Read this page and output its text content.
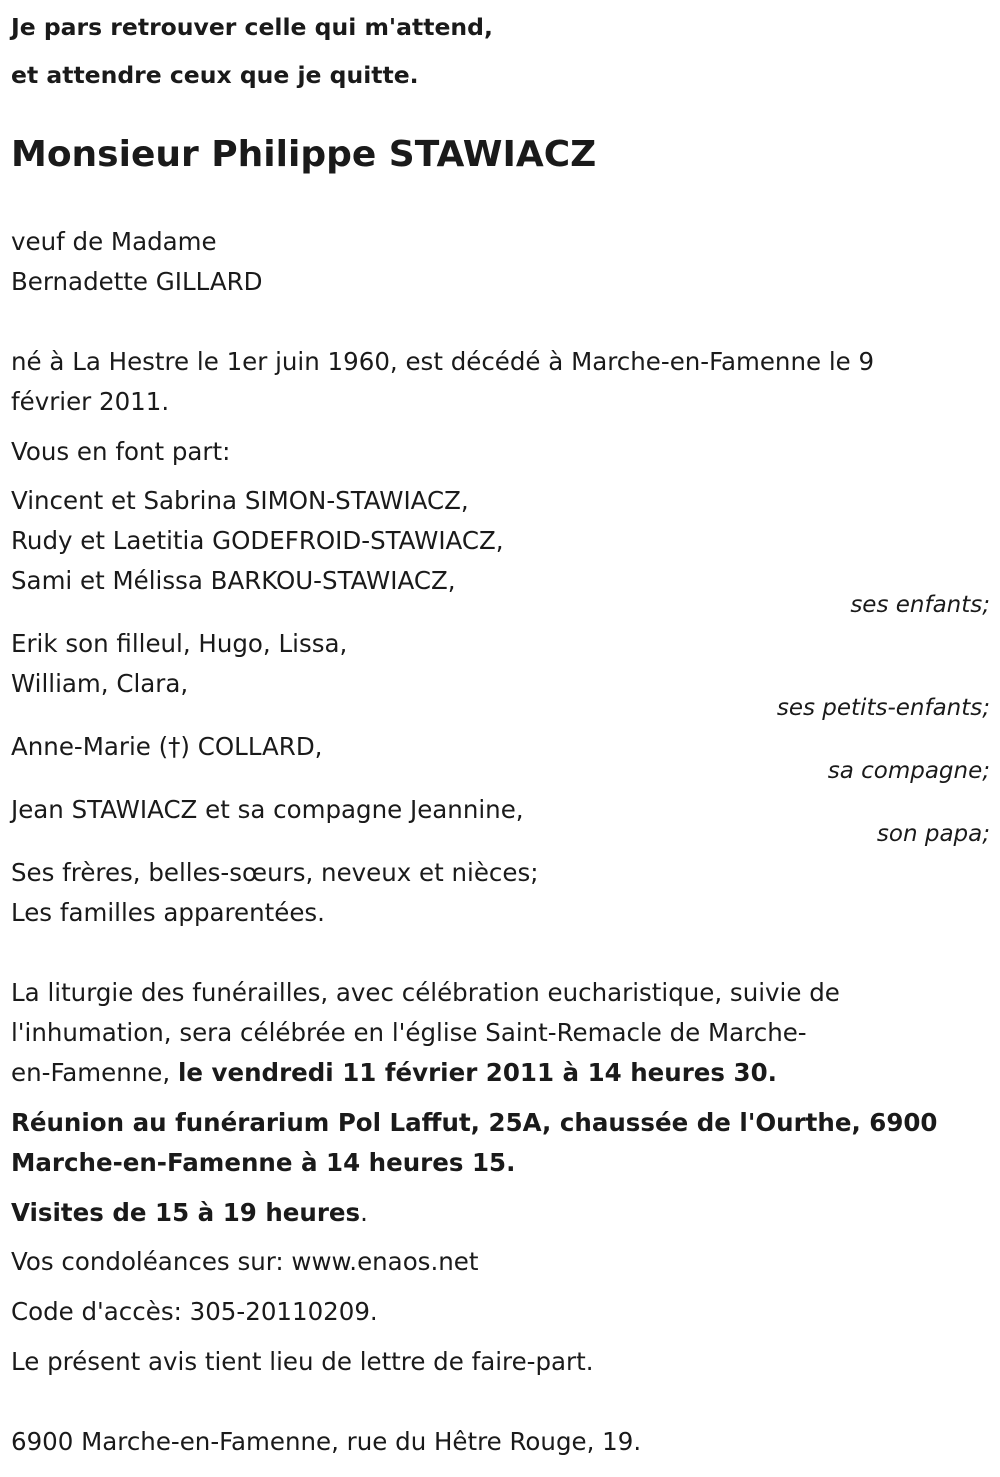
Je pars retrouver celle qui m'attend,
et attendre ceux que je quitte.
Monsieur Philippe STAWIACZ
veuf de Madame
Bernadette GILLARD
né à La Hestre le 1er juin 1960, est décédé à Marche-en-Famenne le 9
février 2011.
Vous en font part:
Vincent et Sabrina SIMON-STAWIACZ,
Rudy et Laetitia GODEFROID-STAWIACZ,
Sami et Mélissa BARKOU-STAWIACZ,
ses enfants;
Erik son filleul, Hugo, Lissa,
William, Clara,
ses petits-enfants;
Anne-Marie (†) COLLARD,
sa compagne;
Jean STAWIACZ et sa compagne Jeannine,
son papa;
Ses frères, belles-sœurs, neveux et nièces;
Les familles apparentées.
La liturgie des funérailles, avec célébration eucharistique, suivie de
l'inhumation, sera célébrée en l'église Saint-Remacle de Marche-
en-Famenne, le vendredi 11 février 2011 à 14 heures 30.
Réunion au funérarium Pol Laffut, 25A, chaussée de l'Ourthe, 6900
Marche-en-Famenne à 14 heures 15.
Visites de 15 à 19 heures.
Vos condoléances sur: www.enaos.net
Code d'accès: 305-20110209.
Le présent avis tient lieu de lettre de faire-part.
6900 Marche-en-Famenne, rue du Hêtre Rouge, 19.
